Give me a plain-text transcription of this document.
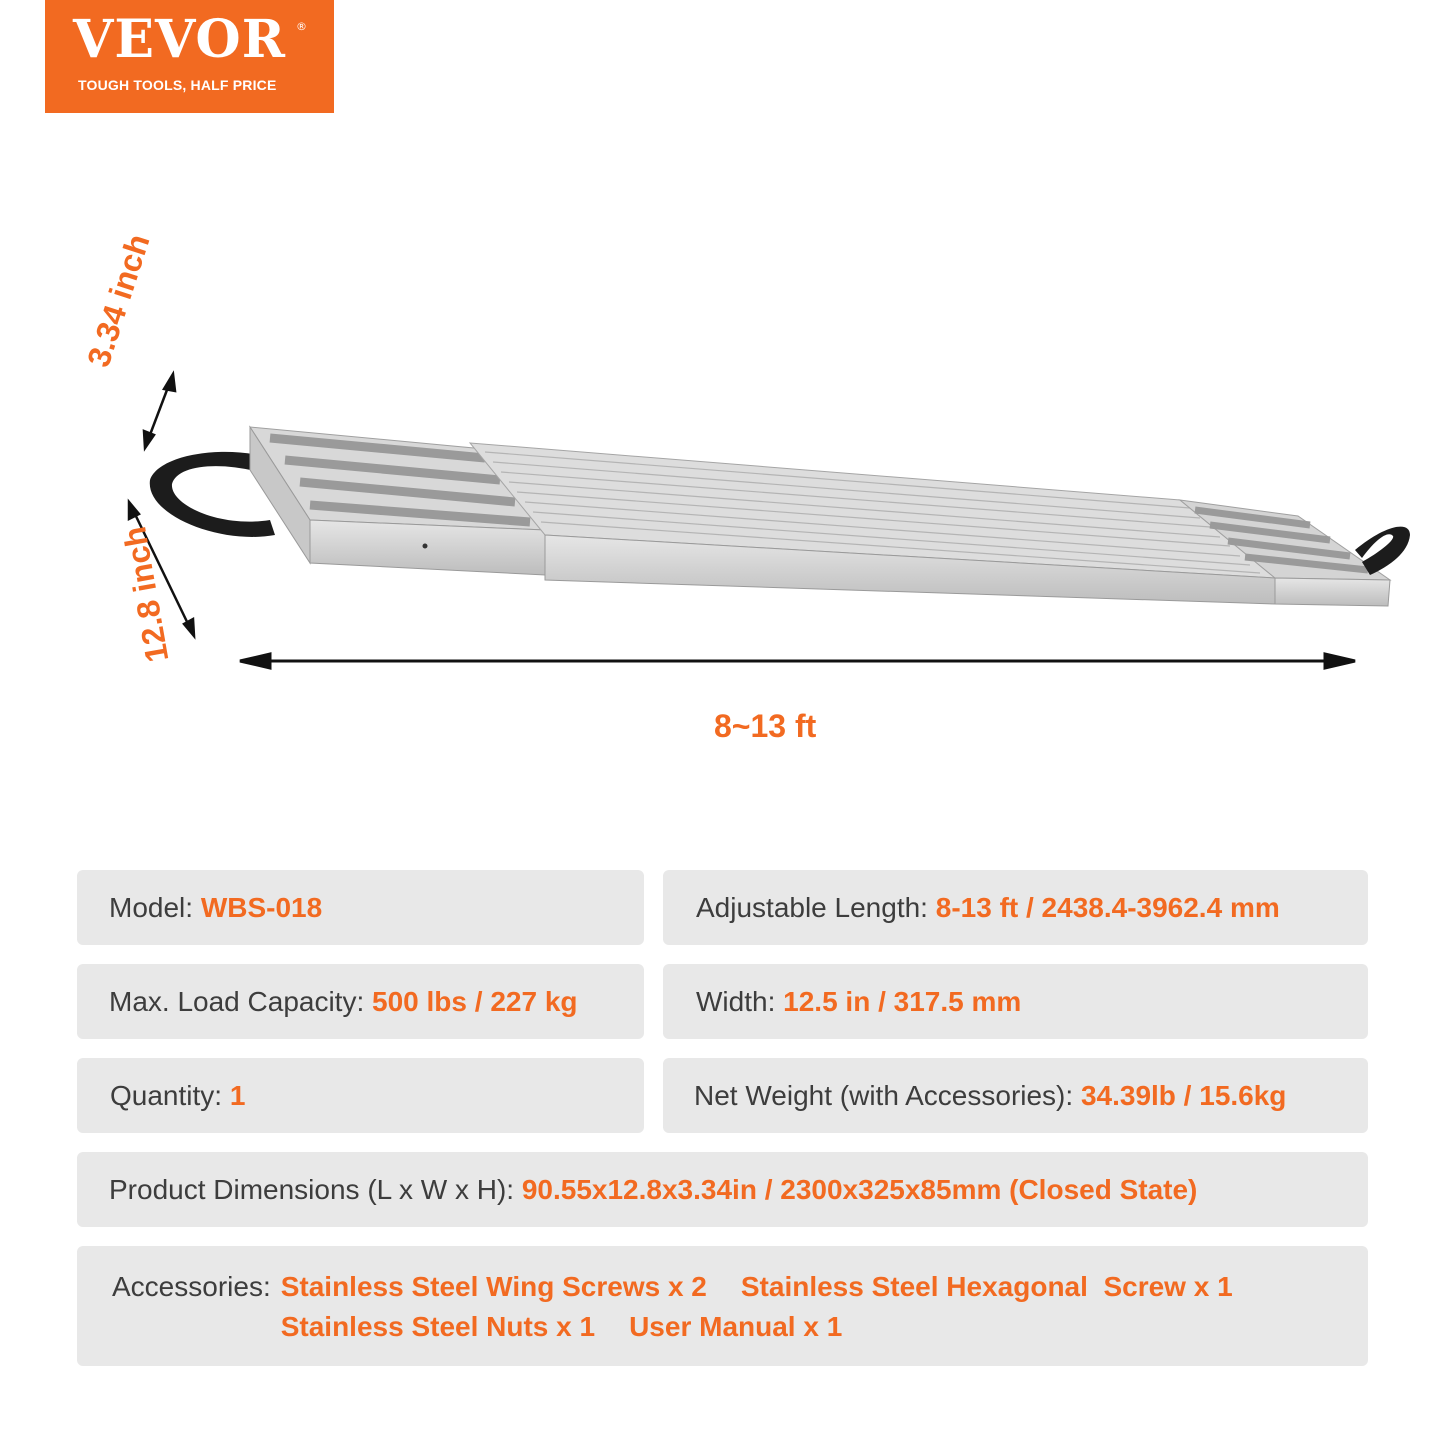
VEVOR ®
TOUGH TOOLS, HALF PRICE
3.34 inch
12.8 inch
8~13 ft
Model:
WBS-018	Adjustable Length:
8-13 ft / 2438.4-3962.4 mm
Max. Load Capacity:
500 lbs / 227 kg	Width:
12.5 in / 317.5 mm
Quantity:
1	Net Weight (with Accessories):
34.39lb / 15.6kg
Product Dimensions (L x W x H):
90.55x12.8x3.34in / 2300x325x85mm (Closed State)
Accessories: Stainless Steel Wing Screws x 2 Stainless Steel Hexagonal  Screw x 1
Stainless Steel Nuts x 1 User Manual x 1
